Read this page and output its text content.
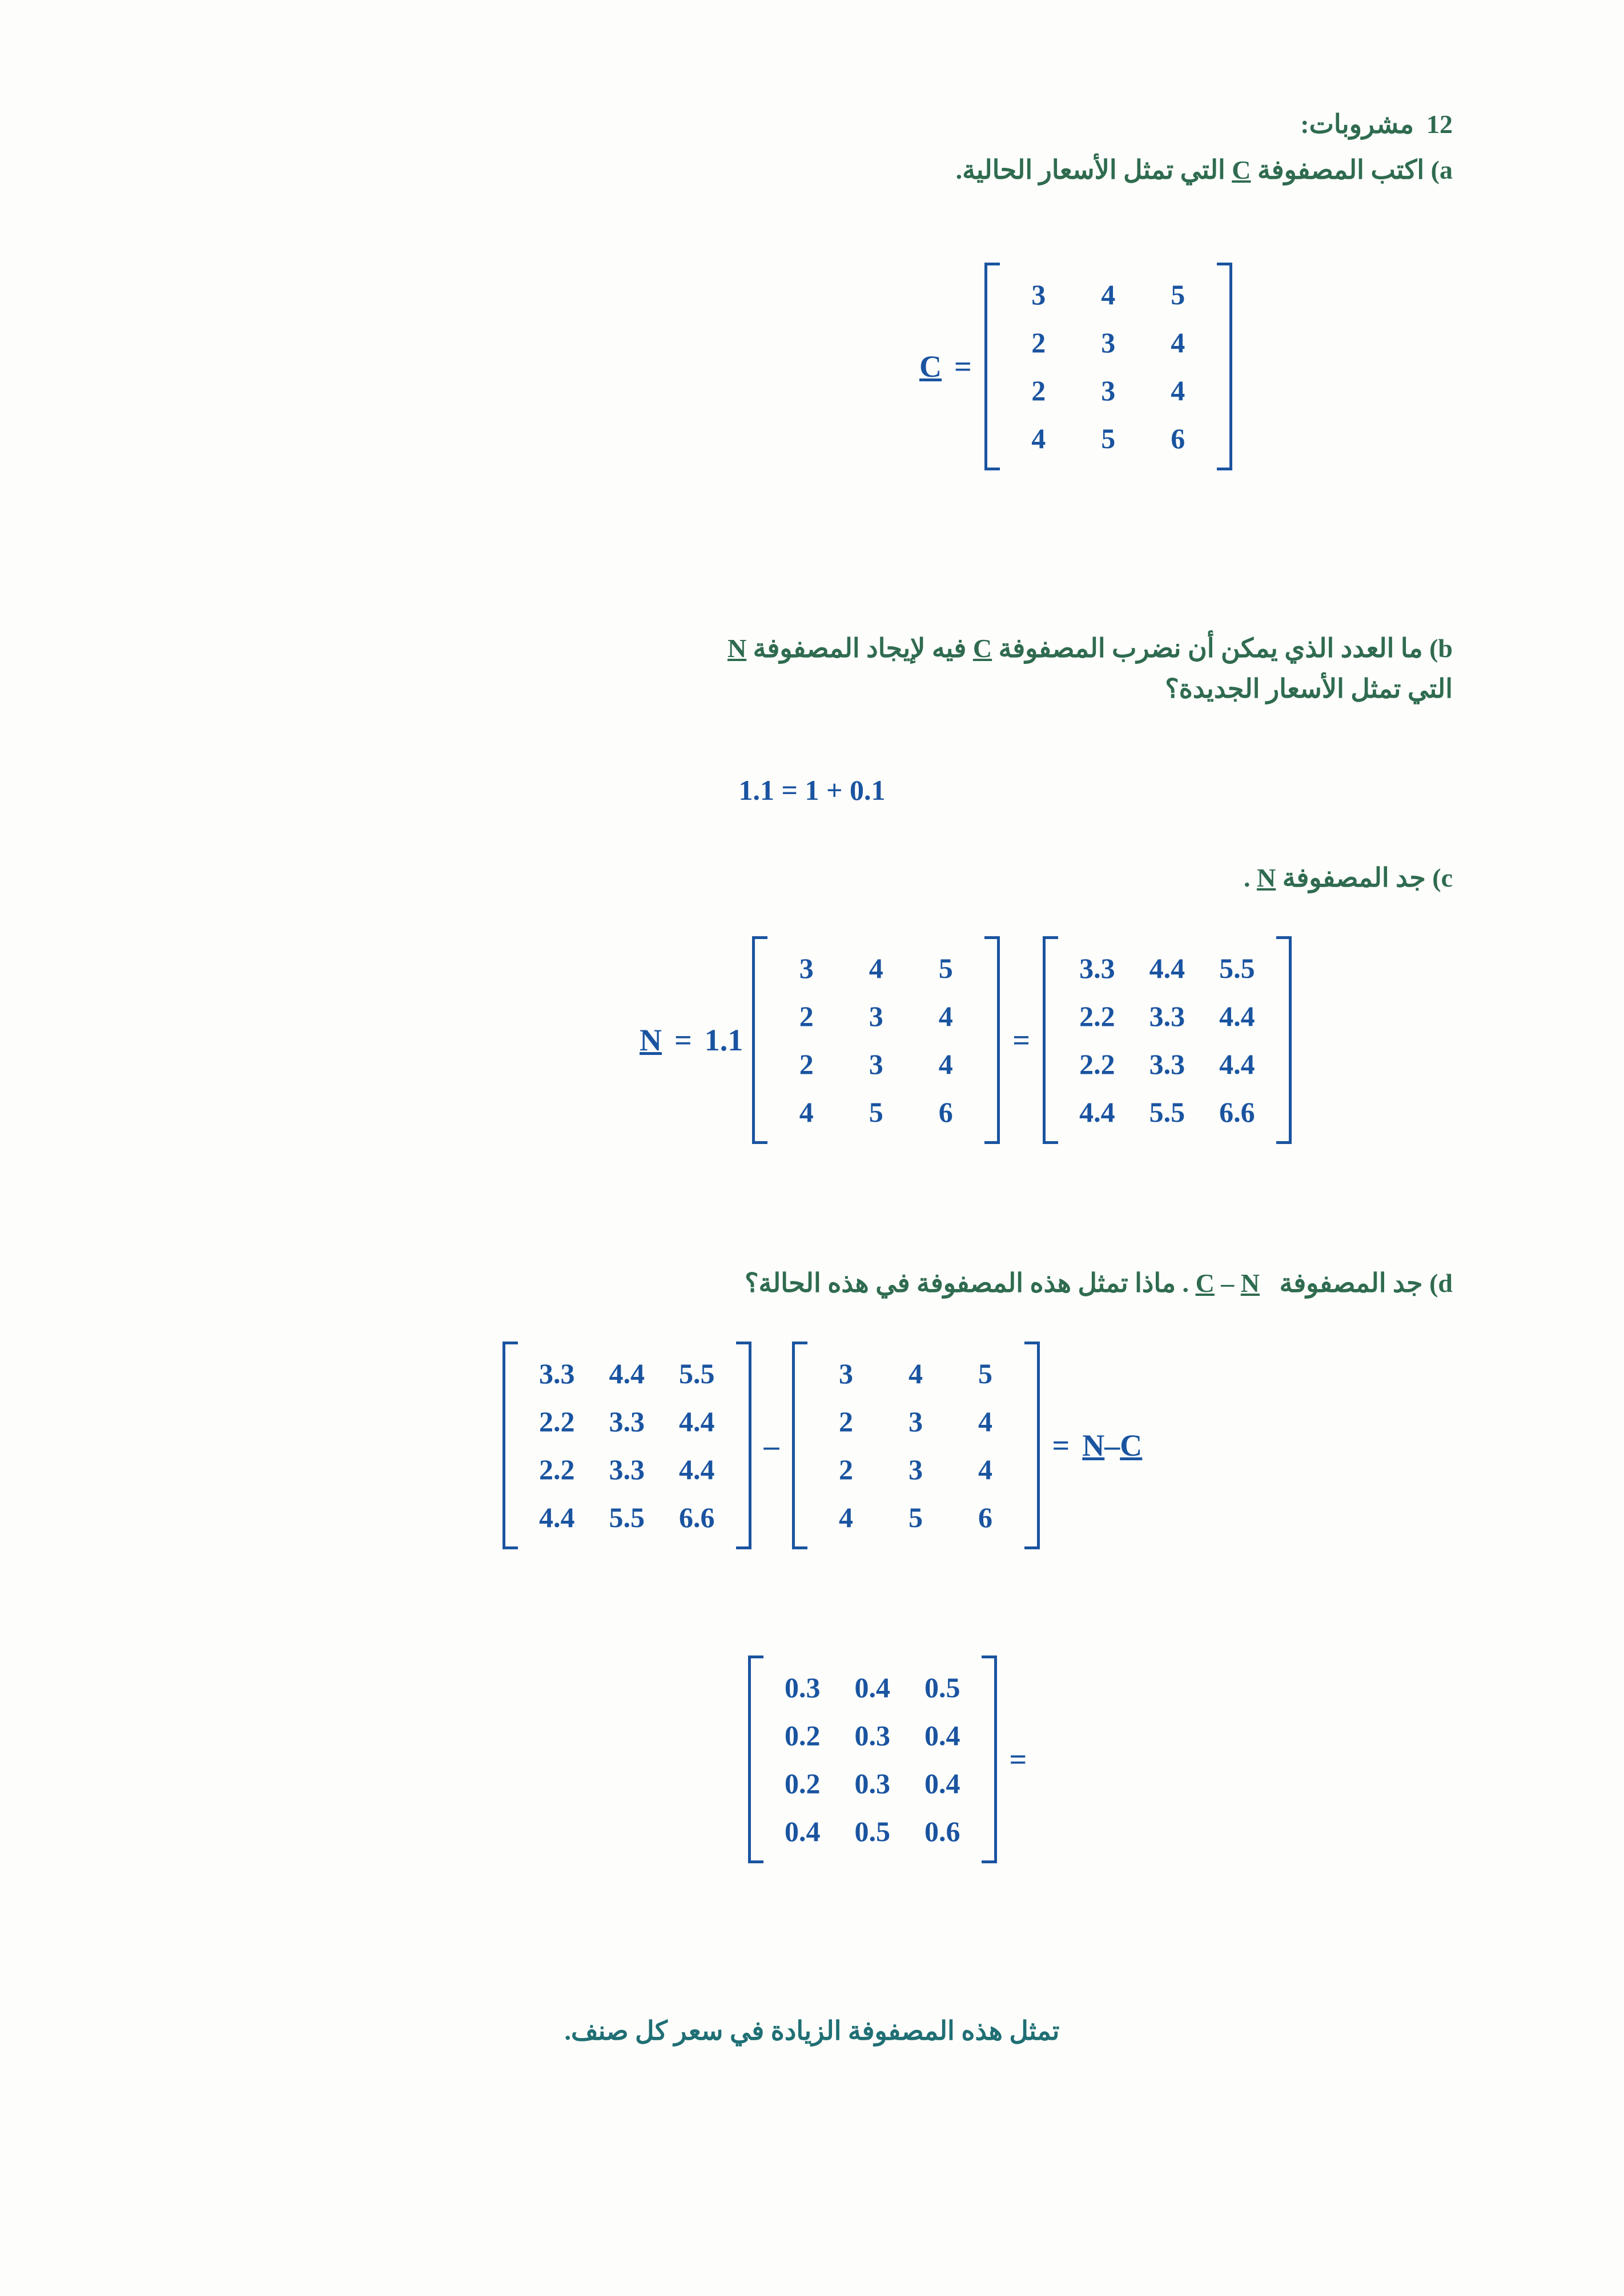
12
مشروبات:
a) اكتب المصفوفة C التي تمثل الأسعار الحالية.
C =
3	4	5
2	3	4
2	3	4
4	5	6
b) ما العدد الذي يمكن أن نضرب المصفوفة C فيه لإيجاد المصفوفة N
التي تمثل الأسعار الجديدة؟
1.1 = 1 + 0.1
c) جد المصفوفة N .
N = 1.1
3	4	5
2	3	4
2	3	4
4	5	6
=
3.3	4.4	5.5
2.2	3.3	4.4
2.2	3.3	4.4
4.4	5.5	6.6
d) جد المصفوفة   C – N . ماذا تمثل هذه المصفوفة في هذه الحالة؟
3.3	4.4	5.5
2.2	3.3	4.4
2.2	3.3	4.4
4.4	5.5	6.6
–
3	4	5
2	3	4
2	3	4
4	5	6
= N–C
0.3	0.4	0.5
0.2	0.3	0.4
0.2	0.3	0.4
0.4	0.5	0.6
=
تمثل هذه المصفوفة الزيادة في سعر كل صنف.
